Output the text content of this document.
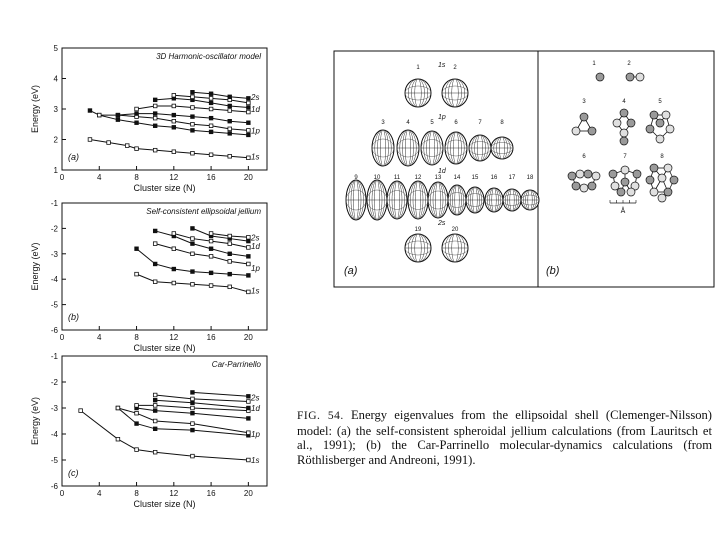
0	4	8	12	16	20
1
2
3
4
5
Cluster size (N)
Energy (eV)
3D Harmonic-oscillator model
(a)
2s
1d
1p
1s
0	4	8	12	16	20
-6
-5
-4
-3
-2
-1
Cluster size (N)
Energy (eV)
Self-consistent ellipsoidal jellium
(b)
2s
1d
1p
1s
0	4	8	12	16	20
-6
-5
-4
-3
-2
-1
Cluster size (N)
Energy (eV)
Car-Parrinello
(c)
2s
1d
1p
1s
1s
1	2
1p
3	4	5	6	7	8
1d
9	10 11 12 13 14 15 16 17 18
2s
19	20
1	2
3	4	5
6	7	8
Å
(a)	(b)
FIG. 54. Energy eigenvalues from the ellipsoidal shell (Clemenger-Nilsson) model: (a) the self-consistent spheroidal jellium calculations (from Lauritsch et al., 1991); (b) the Car-Parrinello molecular-dynamics calculations (from Röthlisberger and Andreoni, 1991).
